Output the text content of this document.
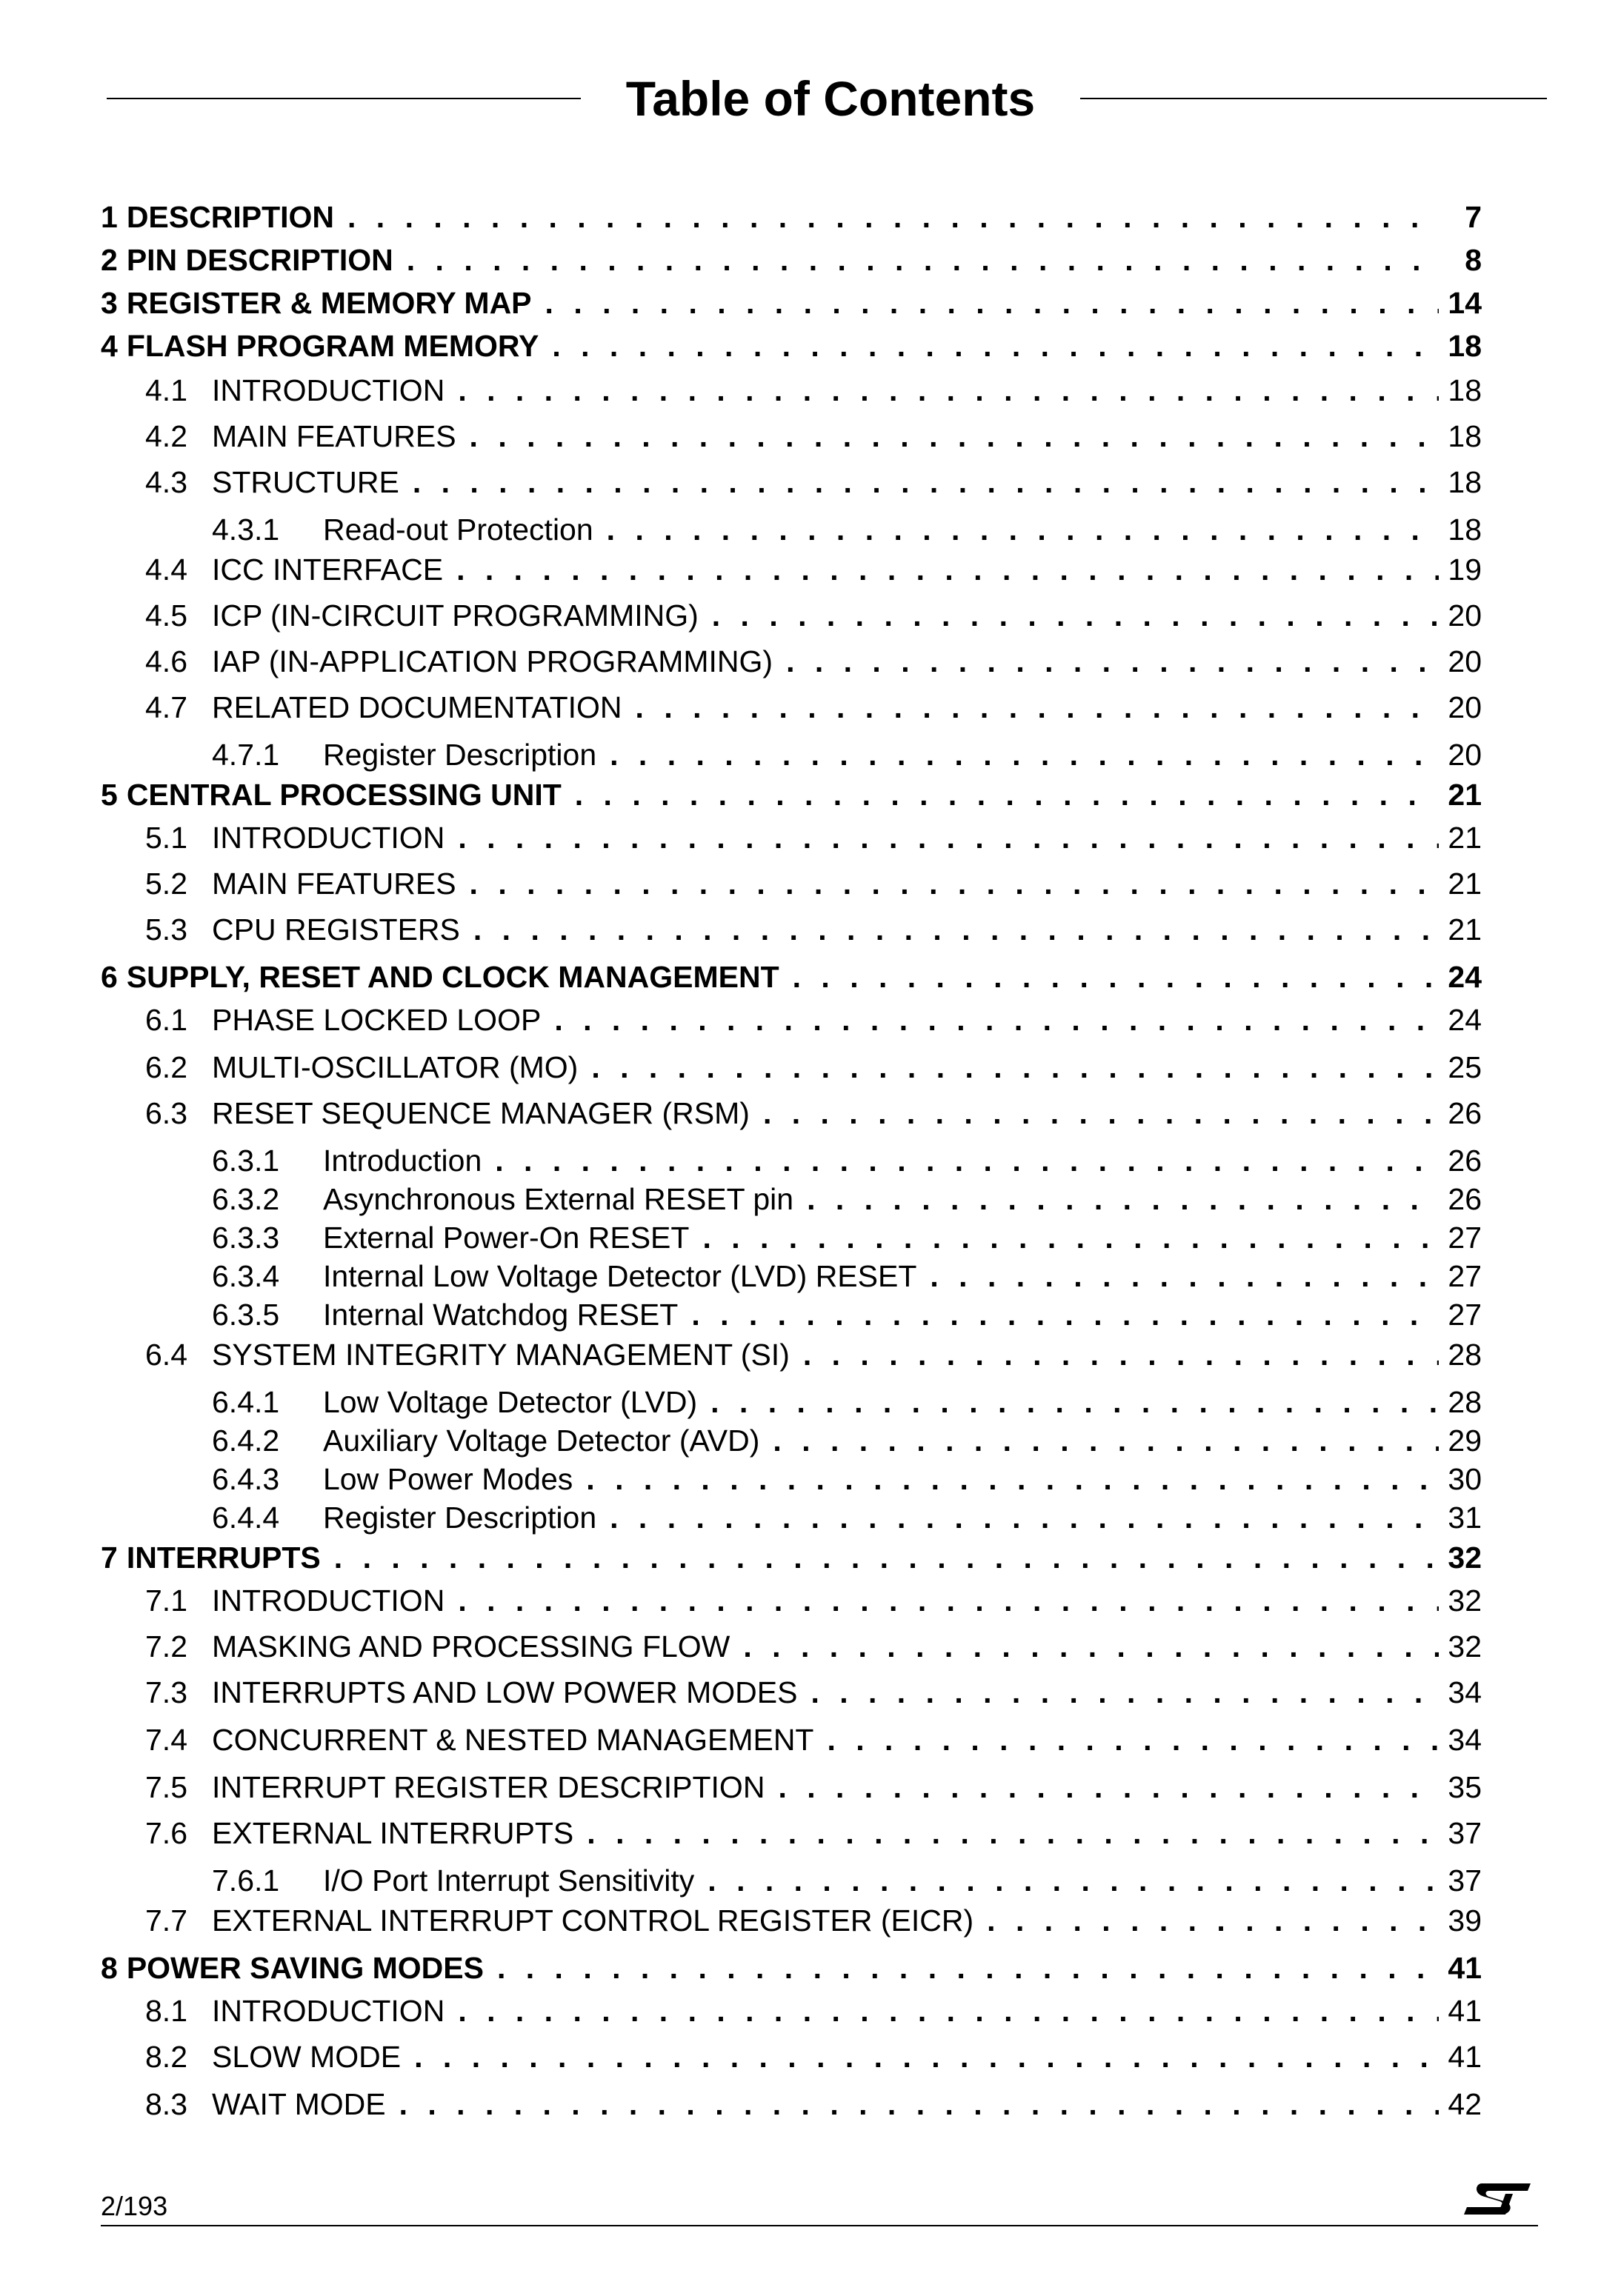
Table of Contents
1 DESCRIPTION . . .	7
2 PIN DESCRIPTION . . .	8
3 REGISTER & MEMORY MAP . . .	14
4 FLASH PROGRAM MEMORY . . .	18
4.1 INTRODUCTION . . .	18
4.2 MAIN FEATURES . . .	18
4.3 STRUCTURE . . .	18
4.3.1	Read-out Protection . . .	18
4.4 ICC INTERFACE . . .	19
4.5 ICP (IN-CIRCUIT PROGRAMMING) . . .	20
4.6 IAP (IN-APPLICATION PROGRAMMING) . . .	20
4.7 RELATED DOCUMENTATION . . .	20
4.7.1	Register Description . . .	20
5 CENTRAL PROCESSING UNIT . . .	21
5.1 INTRODUCTION . . .	21
5.2 MAIN FEATURES . . .	21
5.3 CPU REGISTERS . . .	21
6 SUPPLY, RESET AND CLOCK MANAGEMENT . . .	24
6.1 PHASE LOCKED LOOP . . .	24
6.2 MULTI-OSCILLATOR (MO) . . .	25
6.3 RESET SEQUENCE MANAGER (RSM) . . .	26
6.3.1	Introduction . . .	26
6.3.2	Asynchronous External RESET pin . . .	26
6.3.3	External Power-On RESET . . .	27
6.3.4	Internal Low Voltage Detector (LVD) RESET . . .	27
6.3.5	Internal Watchdog RESET . . .	27
6.4 SYSTEM INTEGRITY MANAGEMENT (SI) . . .	28
6.4.1	Low Voltage Detector (LVD) . . .	28
6.4.2	Auxiliary Voltage Detector (AVD) . . .	29
6.4.3	Low Power Modes . . .	30
6.4.4	Register Description . . .	31
7 INTERRUPTS . . .	32
7.1 INTRODUCTION . . .	32
7.2 MASKING AND PROCESSING FLOW . . .	32
7.3 INTERRUPTS AND LOW POWER MODES . . .	34
7.4 CONCURRENT & NESTED MANAGEMENT . . .	34
7.5 INTERRUPT REGISTER DESCRIPTION . . .	35
7.6 EXTERNAL INTERRUPTS . . .	37
7.6.1	I/O Port Interrupt Sensitivity . . .	37
7.7 EXTERNAL INTERRUPT CONTROL REGISTER (EICR) . . .	39
8 POWER SAVING MODES . . .	41
8.1 INTRODUCTION . . .	41
8.2 SLOW MODE . . .	41
8.3 WAIT MODE . . .	42
2/193
